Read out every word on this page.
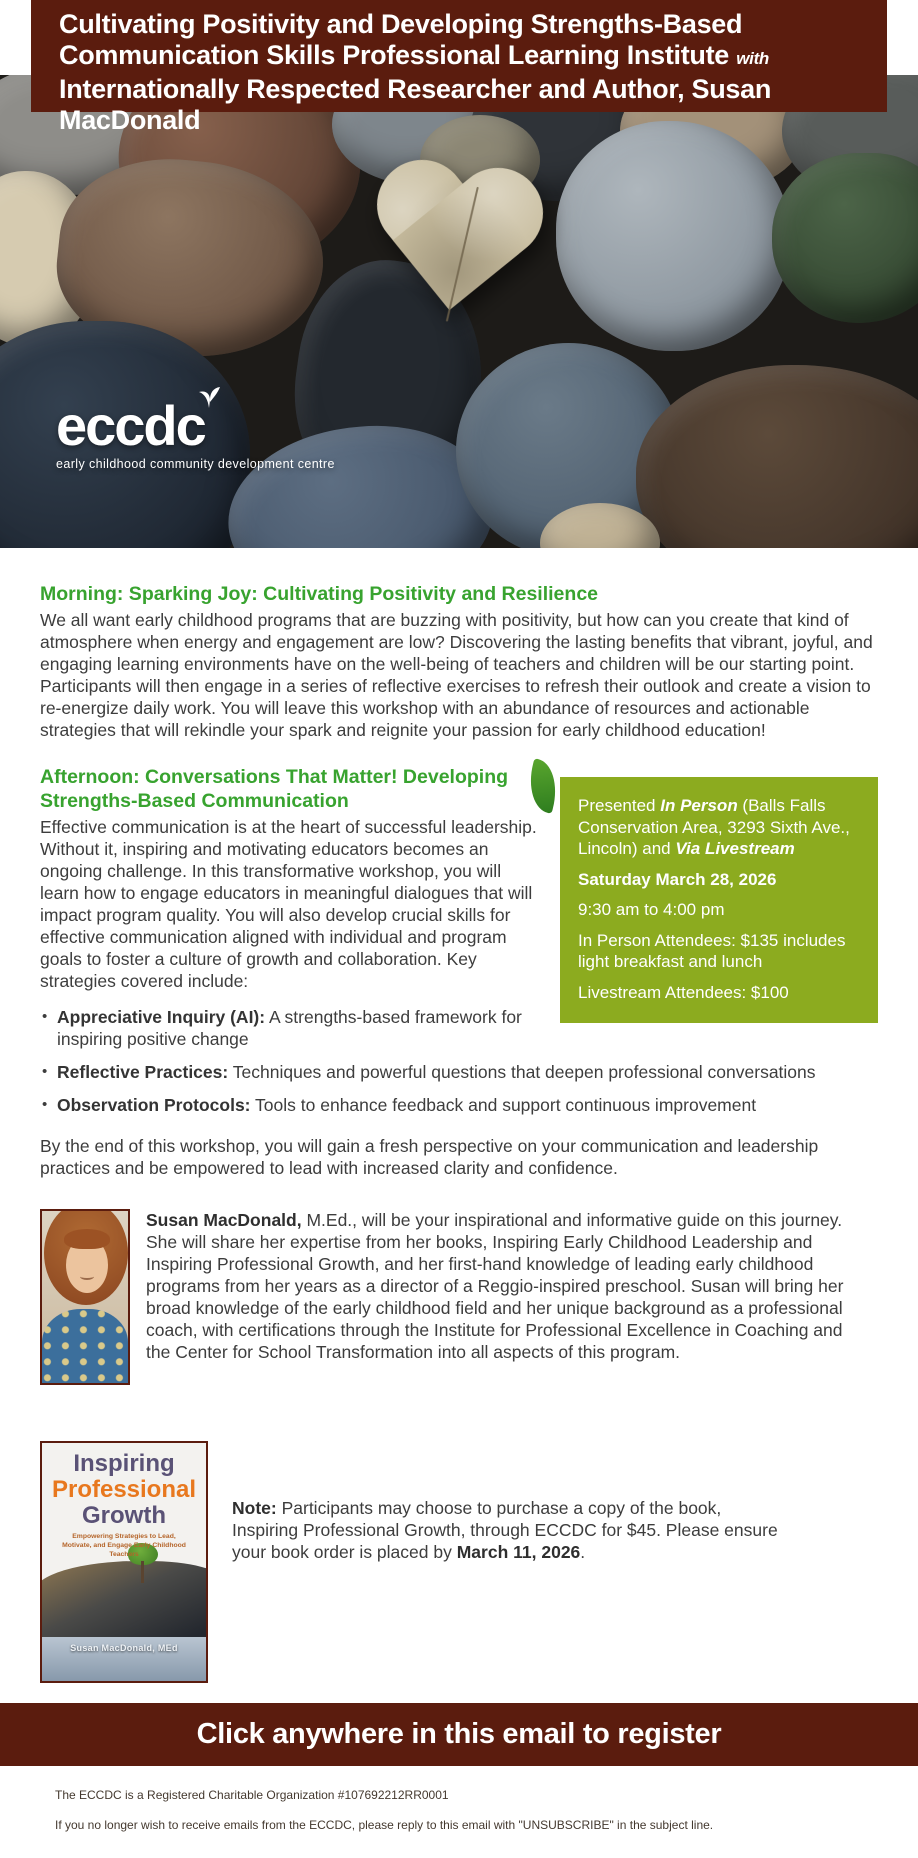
Cultivating Positivity and Developing Strengths-Based
Communication Skills Professional Learning Institute with
Internationally Respected Researcher and Author, Susan MacDonald
eccdc
early childhood community development centre
Morning: Sparking Joy: Cultivating Positivity and Resilience

We all want early childhood programs that are buzzing with positivity, but how can you create that kind of atmosphere when energy and engagement are low? Discovering the lasting benefits that vibrant, joyful, and engaging learning environments have on the well-being of teachers and children will be our starting point. Participants will then engage in a series of reflective exercises to refresh their outlook and create a vision to re-energize daily work. You will leave this workshop with an abundance of resources and actionable strategies that will rekindle your spark and reignite your passion for early childhood education!

Presented In Person (Balls Falls Conservation Area, 3293 Sixth Ave., Lincoln) and Via Livestream
Saturday March 28, 2026
9:30 am to 4:00 pm
In Person Attendees: $135 includes light breakfast and lunch
Livestream Attendees: $100
Afternoon: Conversations That Matter! Developing Strengths-Based Communication

Effective communication is at the heart of successful leadership. Without it, inspiring and motivating educators becomes an ongoing challenge. In this transformative workshop, you will learn how to engage educators in meaningful dialogues that will impact program quality. You will also develop crucial skills for effective communication aligned with individual and program goals to foster a culture of growth and collaboration. Key strategies covered include:

• Appreciative Inquiry (AI): A strengths-based framework for inspiring positive change
• Reflective Practices: Techniques and powerful questions that deepen professional conversations
• Observation Protocols: Tools to enhance feedback and support continuous improvement

By the end of this workshop, you will gain a fresh perspective on your communication and leadership practices and be empowered to lead with increased clarity and confidence.

Susan MacDonald, M.Ed., will be your inspirational and informative guide on this journey. She will share her expertise from her books, Inspiring Early Childhood Leadership and Inspiring Professional Growth, and her first-hand knowledge of leading early childhood programs from her years as a director of a Reggio-inspired preschool. Susan will bring her broad knowledge of the early childhood field and her unique background as a professional coach, with certifications through the Institute for Professional Excellence in Coaching and the Center for School Transformation into all aspects of this program.

Inspiring
Professional
Growth
Empowering Strategies to Lead, Motivate, and Engage Early Childhood Teachers
Susan MacDonald, MEd

Note: Participants may choose to purchase a copy of the book, Inspiring Professional Growth, through ECCDC for $45. Please ensure your book order is placed by March 11, 2026.

Click anywhere in this email to register
The ECCDC is a Registered Charitable Organization #107692212RR0001
If you no longer wish to receive emails from the ECCDC, please reply to this email with "UNSUBSCRIBE" in the subject line.
